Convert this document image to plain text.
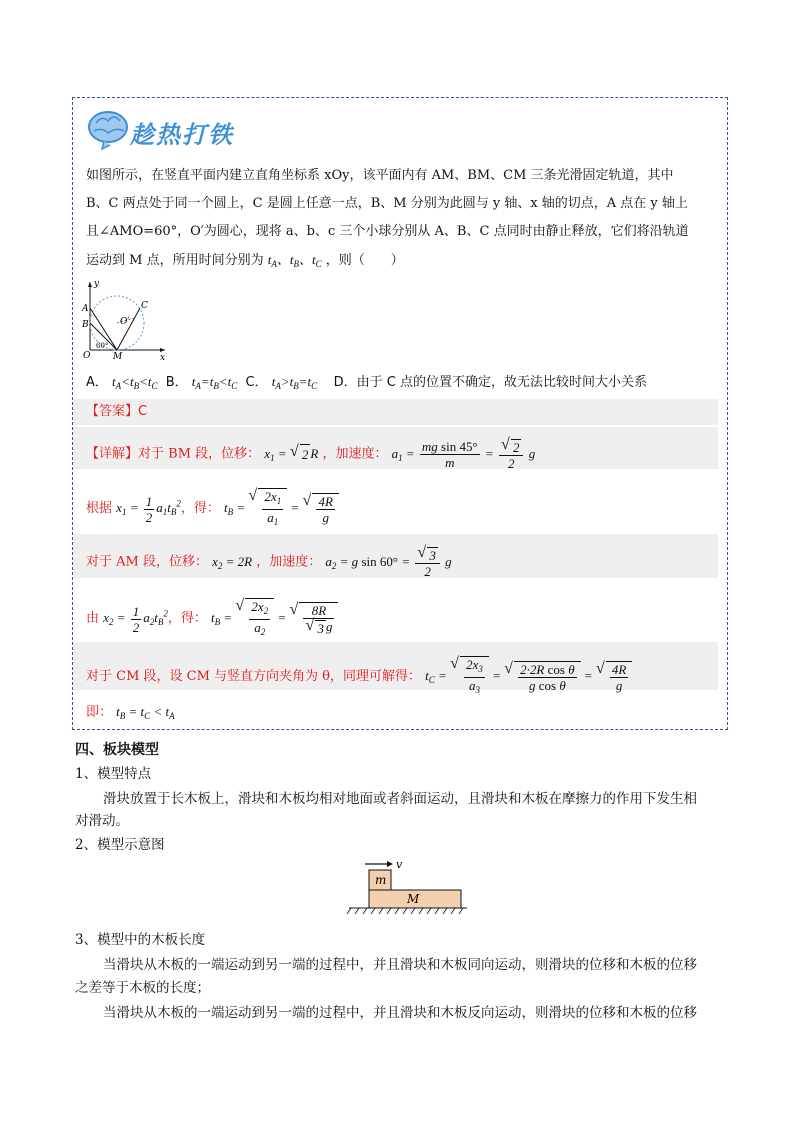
趁热打铁
如图所示，在竖直平面内建立直角坐标系 xOy，该平面内有 AM、BM、CM 三条光滑固定轨道，其中
B、C 两点处于同一个圆上，C 是圆上任意一点，B、M 分别为此圆与 y 轴、x 轴的切点，A 点在 y 轴上
且∠AMO=60°，O′为圆心，现将 a、b、c 三个小球分别从 A、B、C 点同时由静止释放，它们将沿轨道
运动到 M 点，所用时间分别为 $t_A$、$t_B$、$t_C$ ，则（　　）
y
x
A
B
C
O
O′
M
60°
A． $t_A<t_B<t_C$ B． $t_A=t_B<t_C$ C． $t_A>t_B=t_C$ D．由于 C 点的位置不确定，故无法比较时间大小关系
【答案】C
【详解】对于 BM 段，位移： $x_1$ = √ 2 R ，加速度： $a_1 = \frac{\text{mg sin 45°}}{m}$ = √ $\frac{2}{2}$ g
根据 $x_1 = \frac{1}{2} a_1t_B^2$，得： $t_B$ = √ $\frac{2x_1}{a_1}$ = √ $\frac{4R}{g}$
对于 AM 段，位移： $x_2 = 2R$ ，加速度： $a_2 = g$ sin 60° = √ $\frac{3}{2}$ g
由 $x_2 = \frac{1}{2} a_2t_B^2$，得： $t_B$ = √ $\frac{2x_2}{a_2}$ = √ 8R
√ 3 g
对于 CM 段，设 CM 与竖直方向夹角为 θ，同理可解得： $t_C$ = √ $\frac{2x_3}{a_3}$ = √ $\frac{\text{2·2R cos θ}}{\text{g cos θ}}$ = √ $\frac{4R}{g}$
即： $t_B = t_C < t_A$
四、板块模型
1、模型特点
滑块放置于长木板上，滑块和木板均相对地面或者斜面运动，且滑块和木板在摩擦力的作用下发生相
对滑动。
2、模型示意图
v
m
M
3、模型中的木板长度
当滑块从木板的一端运动到另一端的过程中，并且滑块和木板同向运动，则滑块的位移和木板的位移
之差等于木板的长度；
当滑块从木板的一端运动到另一端的过程中，并且滑块和木板反向运动，则滑块的位移和木板的位移
